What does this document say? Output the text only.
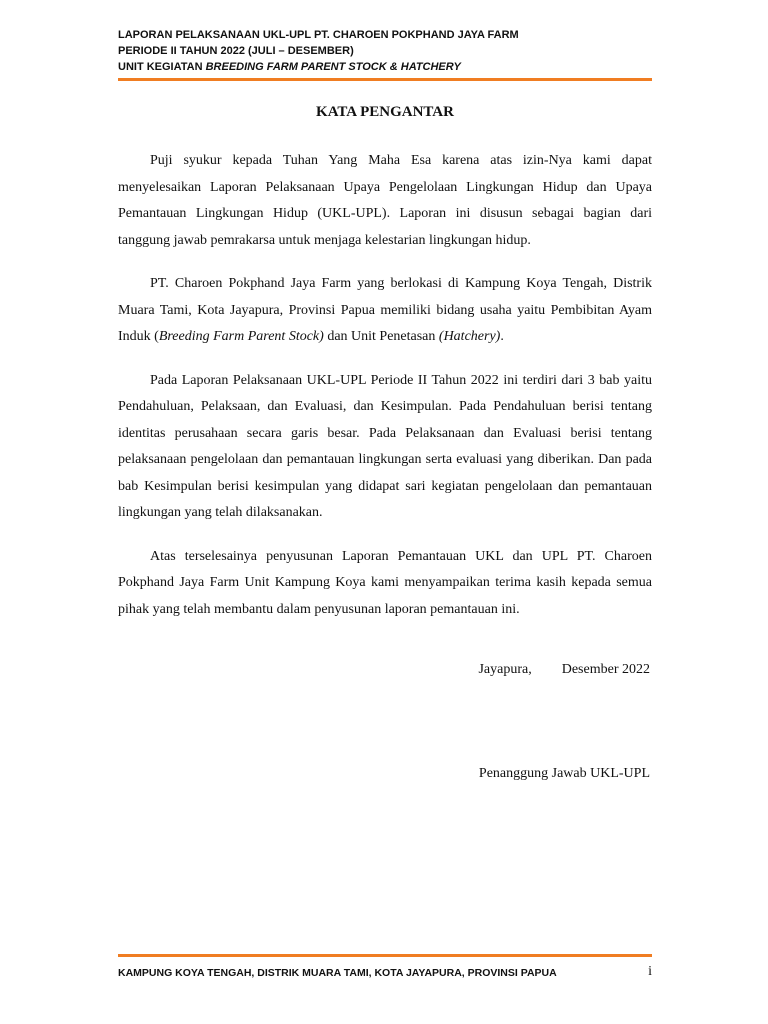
LAPORAN PELAKSANAAN UKL-UPL PT. CHAROEN POKPHAND JAYA FARM
PERIODE II TAHUN 2022 (JULI – DESEMBER)
UNIT KEGIATAN BREEDING FARM PARENT STOCK & HATCHERY
KATA PENGANTAR

Puji syukur kepada Tuhan Yang Maha Esa karena atas izin-Nya kami dapat menyelesaikan Laporan Pelaksanaan Upaya Pengelolaan Lingkungan Hidup dan Upaya Pemantauan Lingkungan Hidup (UKL-UPL). Laporan ini disusun sebagai bagian dari tanggung jawab pemrakarsa untuk menjaga kelestarian lingkungan hidup.

PT. Charoen Pokphand Jaya Farm yang berlokasi di Kampung Koya Tengah, Distrik Muara Tami, Kota Jayapura, Provinsi Papua memiliki bidang usaha yaitu Pembibitan Ayam Induk (Breeding Farm Parent Stock) dan Unit Penetasan (Hatchery).

Pada Laporan Pelaksanaan UKL-UPL Periode II Tahun 2022 ini terdiri dari 3 bab yaitu Pendahuluan, Pelaksaan, dan Evaluasi, dan Kesimpulan. Pada Pendahuluan berisi tentang identitas perusahaan secara garis besar. Pada Pelaksanaan dan Evaluasi berisi tentang pelaksanaan pengelolaan dan pemantauan lingkungan serta evaluasi yang diberikan. Dan pada bab Kesimpulan berisi kesimpulan yang didapat sari kegiatan pengelolaan dan pemantauan lingkungan yang telah dilaksanakan.

Atas terselesainya penyusunan Laporan Pemantauan UKL dan UPL PT. Charoen Pokphand Jaya Farm Unit Kampung Koya kami menyampaikan terima kasih kepada semua pihak yang telah membantu dalam penyusunan laporan pemantauan ini.

Jayapura, Desember 2022
Penanggung Jawab UKL-UPL
KAMPUNG KOYA TENGAH, DISTRIK MUARA TAMI, KOTA JAYAPURA, PROVINSI PAPUA	i
